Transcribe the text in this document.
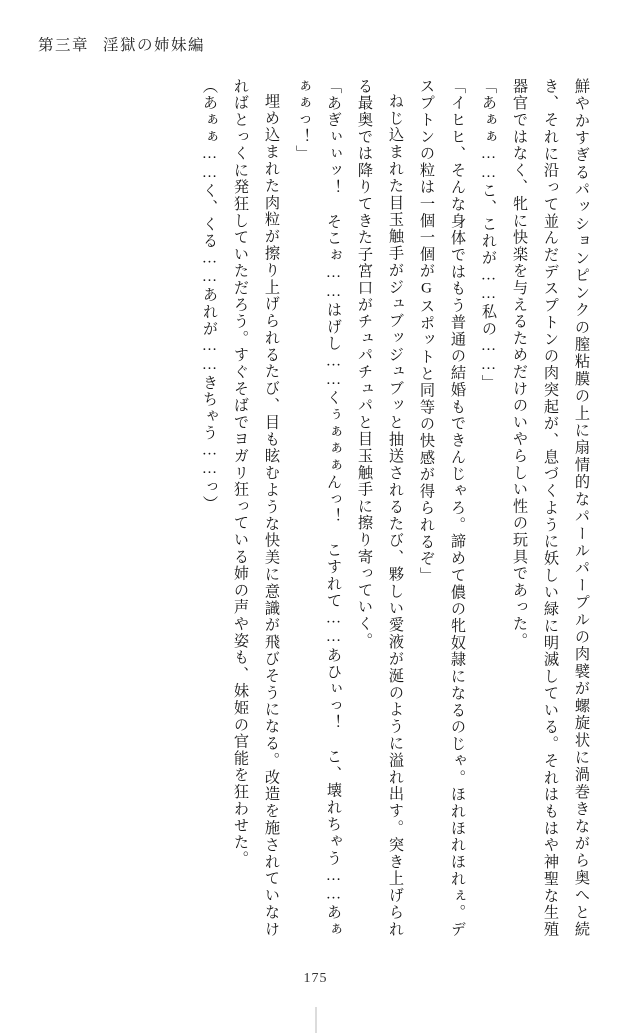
第三章 淫獄の姉妹編

鮮やかすぎるパッションピンクの膣粘膜の上に扇情的なパールパープルの肉襞が螺旋状に渦巻きながら奥へと続き、それに沿って並んだデスプトンの肉突起が、息づくように妖しい緑に明滅している。それはもはや神聖な生殖器官ではなく、牝に快楽を与えるためだけのいやらしい性の玩具であった。

「あぁぁ……こ、これが……私の……」

「イヒヒ、そんな身体ではもう普通の結婚もできんじゃろ。諦めて儂の牝奴隷になるのじゃ。ほれほれほれぇ。デスプトンの粒は一個一個がGスポットと同等の快感が得られるぞ」

ねじ込まれた目玉触手がジュブッジュブッと抽送されるたび、夥しい愛液が涎のように溢れ出す。突き上げられる最奥では降りてきた子宮口がチュパチュパと目玉触手に擦り寄っていく。

「あぎぃぃッ！　そこぉ……はげし……くぅぁぁぁんっ！　こすれて……あひぃっ！　こ、壊れちゃう……あぁぁぁっ！」

埋め込まれた肉粒が擦り上げられるたび、目も眩むような快美に意識が飛びそうになる。改造を施されていなければとっくに発狂していただろう。すぐそばでヨガリ狂っている姉の声や姿も、妹姫の官能を狂わせた。

（あぁぁ……く、くる……あれが……きちゃう……っ）

175
